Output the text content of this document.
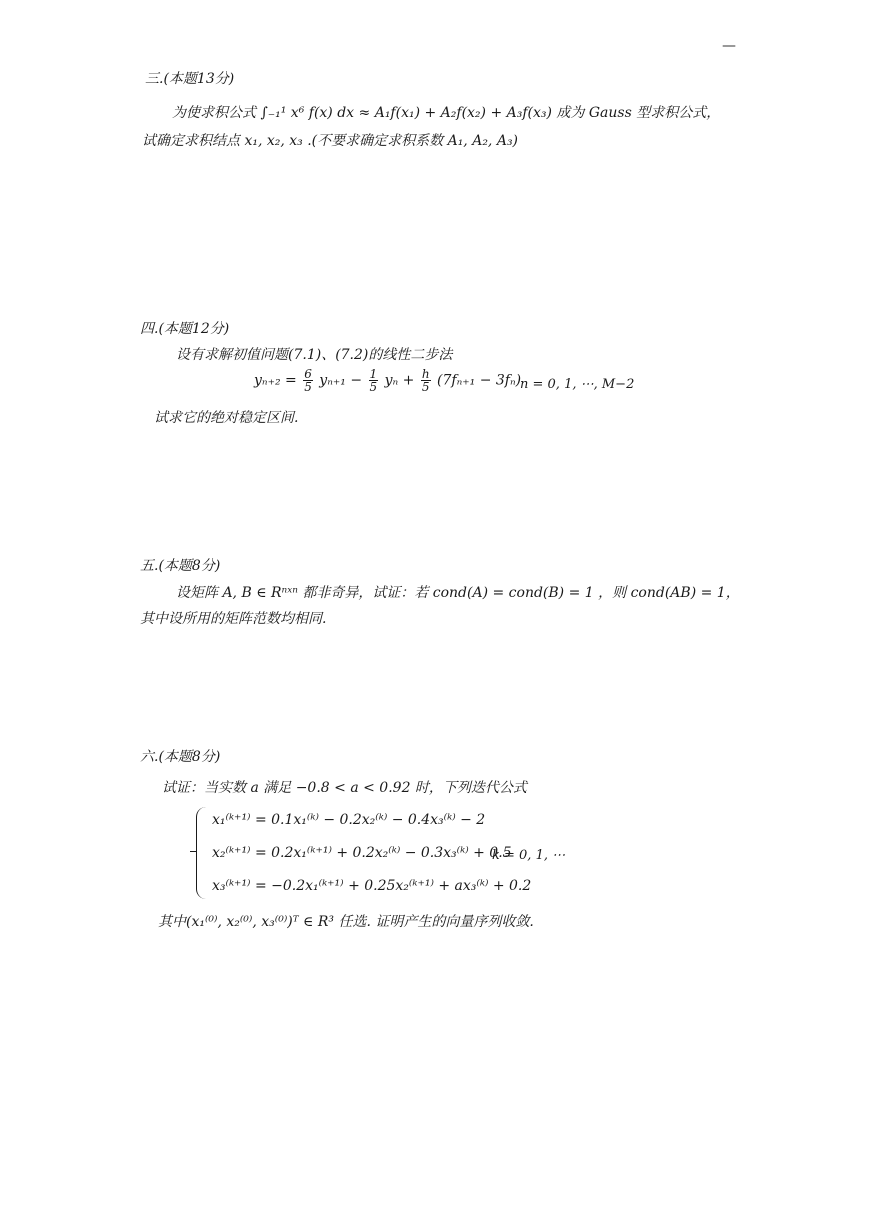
—
三.(本题13分)
为使求积公式 ∫₋₁¹ x⁶ f(x) dx ≈ A₁f(x₁) + A₂f(x₂) + A₃f(x₃) 成为 Gauss 型求积公式，
试确定求积结点 x₁, x₂, x₃ .(不要求确定求积系数 A₁, A₂, A₃)
四.(本题12分)
设有求解初值问题(7.1)、(7.2)的线性二步法
$y_{n+2} = \frac{6}{5} y_{n+1} - \frac{1}{5}$ $y_n + \frac{h}{5} (7f_{n+1} - 3f_n)$
n = 0, 1, ⋯, M−2
试求它的绝对稳定区间.
五.(本题8分)
设矩阵 A, B ∈ Rⁿˣⁿ 都非奇异，试证：若 cond(A) = cond(B) = 1 ，则 cond(AB) = 1，
其中设所用的矩阵范数均相同.
六.(本题8分)
试证：当实数 a 满足 −0.8 < a < 0.92 时，下列迭代公式
x₁⁽ᵏ⁺¹⁾ = 0.1x₁⁽ᵏ⁾ − 0.2x₂⁽ᵏ⁾ − 0.4x₃⁽ᵏ⁾ − 2
x₂⁽ᵏ⁺¹⁾ = 0.2x₁⁽ᵏ⁺¹⁾ + 0.2x₂⁽ᵏ⁾ − 0.3x₃⁽ᵏ⁾ + 0.5
k = 0, 1, ⋯
x₃⁽ᵏ⁺¹⁾ = −0.2x₁⁽ᵏ⁺¹⁾ + 0.25x₂⁽ᵏ⁺¹⁾ + ax₃⁽ᵏ⁾ + 0.2
其中(x₁⁽⁰⁾, x₂⁽⁰⁾, x₃⁽⁰⁾)ᵀ ∈ R³ 任选. 证明产生的向量序列收敛.
